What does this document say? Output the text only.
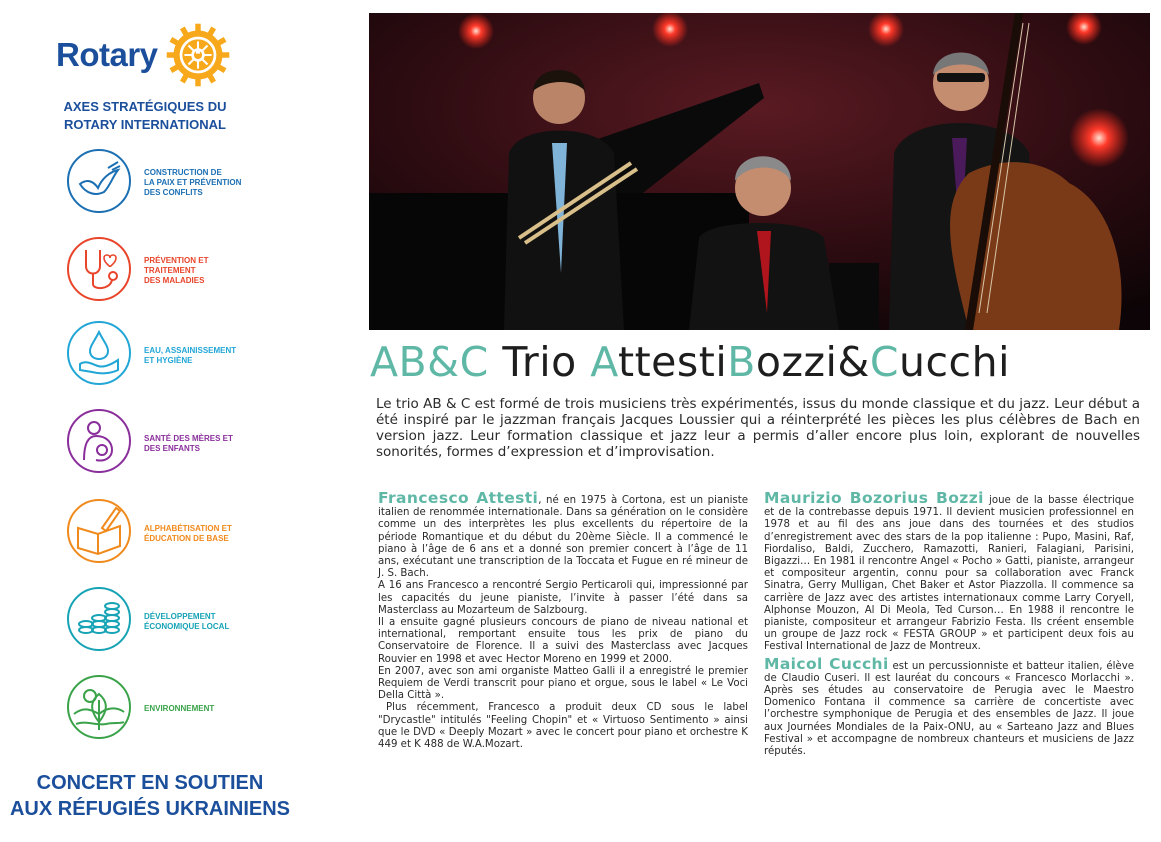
Rotary
AXES STRATÉGIQUES DU
ROTARY INTERNATIONAL
CONSTRUCTION DE
LA PAIX ET PRÉVENTION
DES CONFLITS
PRÉVENTION ET
TRAITEMENT
DES MALADIES
EAU, ASSAINISSEMENT
ET HYGIÈNE
SANTÉ DES MÈRES ET
DES ENFANTS
ALPHABÉTISATION ET
ÉDUCATION DE BASE
DÉVELOPPEMENT
ÉCONOMIQUE LOCAL
ENVIRONNEMENT
CONCERT EN SOUTIEN
AUX RÉFUGIÉS UKRAINIENS
AB&C Trio AttestiBozzi&Cucchi
Le trio AB & C est formé de trois musiciens très expérimentés, issus du monde classique et du jazz. Leur début a été inspiré par le jazzman français Jacques Loussier qui a réinterprété les pièces les plus célèbres de Bach en version jazz. Leur formation classique et jazz leur a permis d’aller encore plus loin, explorant de nouvelles sonorités, formes d’expression et d’improvisation.

Francesco Attesti, né en 1975 à Cortona, est un pianiste italien de renommée internationale. Dans sa génération on le considère comme un des interprètes les plus excellents du répertoire de la période Romantique et du début du 20ème Siècle. Il a commencé le piano à l’âge de 6 ans et a donné son premier concert à l’âge de 11 ans, exécutant une transcription de la Toccata et Fugue en ré mineur de J. S. Bach.

A 16 ans Francesco a rencontré Sergio Perticaroli qui, impressionné par les capacités du jeune pianiste, l’invite à passer l’été dans sa Masterclass au Mozarteum de Salzbourg.

Il a ensuite gagné plusieurs concours de piano de niveau national et international, remportant ensuite tous les prix de piano du Conservatoire de Florence. Il a suivi des Masterclass avec Jacques Rouvier en 1998 et avec Hector Moreno en 1999 et 2000.

En 2007, avec son ami organiste Matteo Galli il a enregistré le premier Requiem de Verdi transcrit pour piano et orgue, sous le label « Le Voci Della Città ».

Plus récemment, Francesco a produit deux CD sous le label "Drycastle" intitulés "Feeling Chopin" et « Virtuoso Sentimento » ainsi que le DVD « Deeply Mozart » avec le concert pour piano et orchestre K 449 et K 488 de W.A.Mozart.

Maurizio Bozorius Bozzi joue de la basse électrique et de la contrebasse depuis 1971. Il devient musicien professionnel en 1978 et au fil des ans joue dans des tournées et des studios d’enregistrement avec des stars de la pop italienne : Pupo, Masini, Raf, Fiordaliso, Baldi, Zucchero, Ramazotti, Ranieri, Falagiani, Parisini, Bigazzi… En 1981 il rencontre Angel « Pocho » Gatti, pianiste, arrangeur et compositeur argentin, connu pour sa collaboration avec Franck Sinatra, Gerry Mulligan, Chet Baker et Astor Piazzolla. Il commence sa carrière de Jazz avec des artistes internationaux comme Larry Coryell, Alphonse Mouzon, Al Di Meola, Ted Curson… En 1988 il rencontre le pianiste, compositeur et arrangeur Fabrizio Festa. Ils créent ensemble un groupe de Jazz rock « FESTA GROUP » et participent deux fois au Festival International de Jazz de Montreux.

Maicol Cucchi est un percussionniste et batteur italien, élève de Claudio Cuseri. Il est lauréat du concours « Francesco Morlacchi ». Après ses études au conservatoire de Perugia avec le Maestro Domenico Fontana il commence sa carrière de concertiste avec l’orchestre symphonique de Perugia et des ensembles de Jazz. Il joue aux Journées Mondiales de la Paix-ONU, au « Sarteano Jazz and Blues Festival » et accompagne de nombreux chanteurs et musiciens de Jazz réputés.
